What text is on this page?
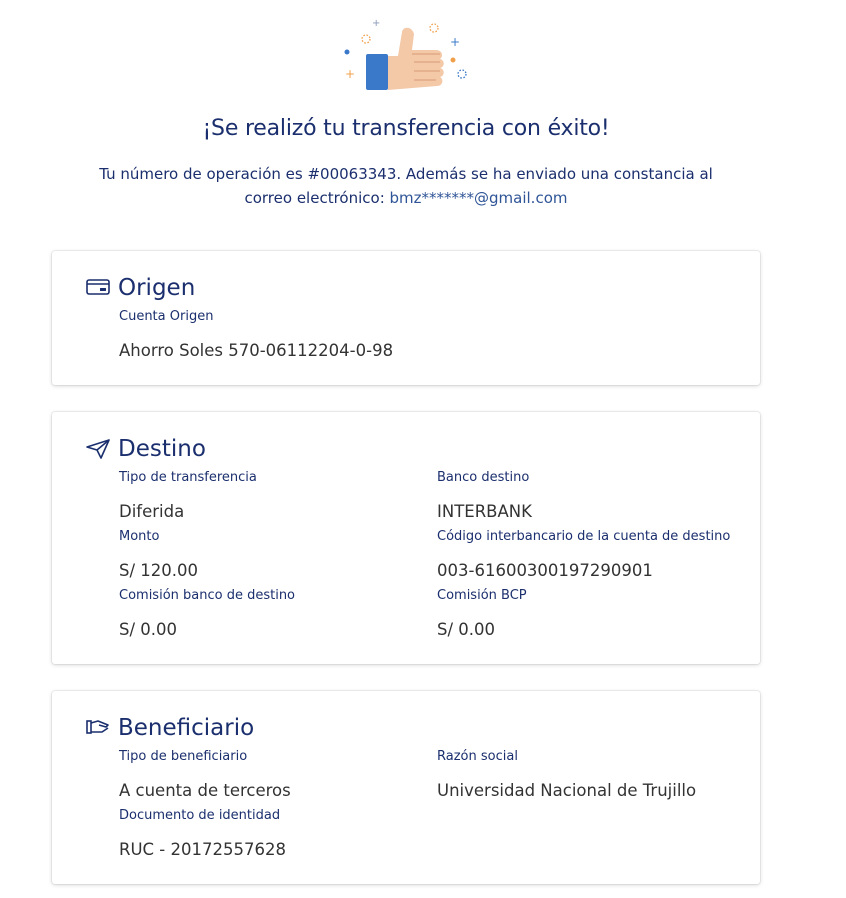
+
+
+
¡Se realizó tu transferencia con éxito!
Tu número de operación es #00063343. Además se ha enviado una constancia al correo electrónico: bmz*******@gmail.com
Origen
Cuenta Origen
Ahorro Soles 570-06112204-0-98
Destino
Tipo de transferencia
Diferida
Banco destino
INTERBANK
Monto
S/ 120.00
Código interbancario de la cuenta de destino
003-61600300197290901
Comisión banco de destino
S/ 0.00
Comisión BCP
S/ 0.00
Beneficiario
Tipo de beneficiario
A cuenta de terceros
Razón social
Universidad Nacional de Trujillo
Documento de identidad
RUC - 20172557628
